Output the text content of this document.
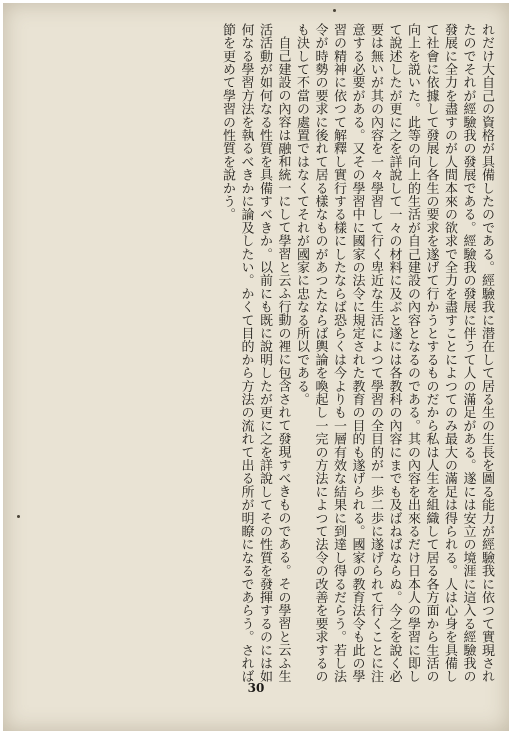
れだけ大自己の資格が具備したのである。經驗我に潜在して居る生の生長を圖る能力が經驗我に依つて實現されたのでそれが經驗我の發展である。經驗我の發展に伴うて人の滿足がある。遂には安立の境涯に這入る經驗我の發展に全力を盡すのが人間本來の欲求で全力を盡すことによつてのみ最大の滿足は得られる。人は心身を具備して社會に依據して發展し各生の要求を遂げて行かうとするものだから私は人生を組織して居る各方面から生活の向上を説いた。此等の向上的生活が自己建設の內容となるのである。其の內容を出來るだけ日本人の學習に即して說述したが更に之を詳說して一々の材料に及ぶと遂には各教科の內容にまでも及ばねばならぬ。今之を說く必要は無いが其の內容を一々學習して行く卑近な生活によつて學習の全目的が一歩二歩に遂げられて行くことに注意する必要がある。又その學習中に國家の法令に規定された教育の目的も遂げられる。國家の教育法令も此の學習の精神に依つて解釋し實行する樣にしたならば恐らくは今よりも一層有效な結果に到達し得るだらう。若し法令が時勢の要求に後れて居る樣なものがあつたならば輿論を喚起し一完の方法によつて法令の改善を要求するのも決して不當の處置ではなくてそれが國家に忠なる所以である。

自己建設の內容は融和統一にして學習と云ふ行動の裡に包含されて發現すべきものである。その學習と云ふ生活活動が如何なる性質を具備すべきか。以前にも既に說明したが更に之を詳說してその性質を發揮するのには如何なる學習方法を執るべきかに論及したい。かくて目的から方法の流れて出る所が明瞭になるであらう。されば節を更めて學習の性質を說かう。

30
